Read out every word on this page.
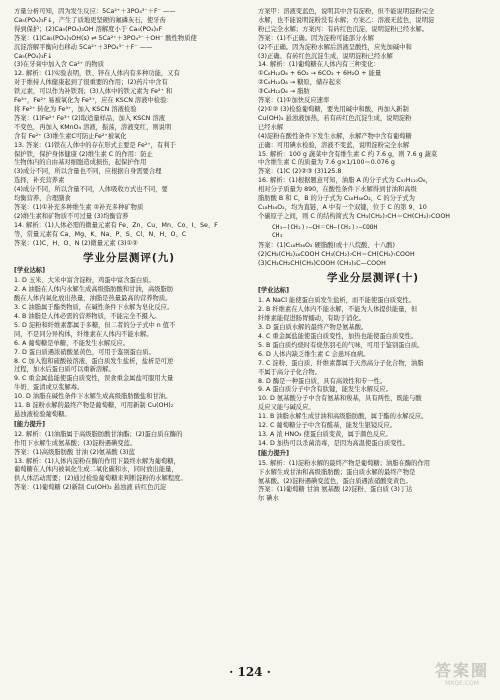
方量分析可知，因为发生反应：5Ca²⁺＋3PO₄³⁻＋F⁻ ——
Ca₅(PO₄)₃F↓，产生了质地更坚硬的氟磷灰石，使牙齿
得到保护；(2)Ca₅(PO₄)₃OH 溶解度小于 Ca₅(PO₄)₃F
答案：(1)Ca₅(PO₄)₃OH(s) ⇌ 5Ca²⁺＋3PO₄³⁻＋OH⁻ 酸性物质使
沉淀溶解平衡向右移动 5Ca²⁺＋3PO₄³⁻＋F⁻ ——
Ca₅(PO₄)₃F↓
(3)在牙膏中加入含 Ca²⁺ 的物质
12. 解析：(1)实验表明，铁、锌在人体内有多种功能，又有
对于维持人体健康起到了很重要的作用；(2)药片中含有
铁元素，可以作为补铁剂；(3)人体中的铁元素为 Fe²⁺ 和
Fe³⁺，Fe²⁺ 易被氧化为 Fe³⁺，应在 KSCN 溶液中检验：
将 Fe²⁺ 转化为 Fe³⁺，加入 KSCN 溶液检验
答案：(1)Fe²⁺ Fe³⁺ (2)取适量样品，加入 KSCN 溶液
不变色，再加入 KMnO₄ 溶液，振荡，溶液变红，则说明
含有 Fe²⁺ (3)维生素C可防止Fe²⁺被氧化
13. 答案：(1)铁在人体中的存在形式主要是 Fe²⁺，有利于
保护铁，保护身体健康 (2)维生素 C 的作用：防止
生物体内的自由基对细胞造成损伤，起保护作用
(3)成分不同，所以含量也不同，应根据自身需要合理
选择，补充营养素
(4)成分不同，所以含量不同，人体吸收方式也不同，要
均衡营养，合理膳食
答案：(1)①补充多种维生素 ②补充多种矿物质
(2)维生素和矿物质不可过量 (3)均衡营养
14. 解析：(1)人体必需的微量元素有 Fe、Zn、Cu、Mn、Co、I、Se、F
等，常量元素有 Ca、Mg、K、Na、P、S、Cl、N、H、O、C
答案：(1)C、H、O、N (2)微量元素 (3)①②
学业分层测评(九)
[学业达标]
1. D 玉米、大米中富含淀粉，鸡蛋中富含蛋白质。
2. A 油脂在人体内水解生成高级脂肪酸和甘油，高级脂肪
酸在人体内氧化放出热量，油脂是热量最高的营养物质。
3. C 油脂属于酯类物质，在碱性条件下水解为皂化反应。
4. B 油脂是人体必需的营养物质，不能完全不摄入。
5. D 淀粉和纤维素都属于多糖，但二者的分子式中 n 值不
同，不是同分异构体，纤维素在人体内不能水解。
6. A 葡萄糖是单糖，不能发生水解反应。
7. D 蛋白质遇浓硝酸显黄色，可用于鉴别蛋白质。
8. C 加入饱和硫酸铵溶液，蛋白质发生盐析，盐析是可逆
过程，加水后蛋白质可以重新溶解。
9. C 重金属盐能使蛋白质变性，误食重金属盐可服用大量
牛奶、蛋清或豆浆解毒。
10. D 油脂在碱性条件下水解生成高级脂肪酸盐和甘油。
11. B 淀粉水解的最终产物是葡萄糖，可用新制 Cu(OH)₂
悬浊液检验葡萄糖。
[能力提升]
12. 解析：(1)油脂属于高级脂肪酸甘油酯；(2)蛋白质在酶的
作用下水解生成氨基酸；(3)淀粉遇碘变蓝。
答案：(1)高级脂肪酸 甘油 (2)氨基酸 (3)蓝
13. 解析：(1)人体内淀粉在酶的作用下最终水解为葡萄糖，
葡萄糖在人体内被氧化生成二氧化碳和水，同时放出能量，
供人体活动需要；(2)通过检验葡萄糖来判断淀粉的水解程度。
答案：(1)葡萄糖 (2)新制 Cu(OH)₂ 悬浊液 砖红色沉淀
方案甲：溶液变蓝色，说明其中含有淀粉，但不能说明淀粉完全
水解，也不能说明淀粉没有水解；方案乙：溶液无蓝色，说明淀
粉已完全水解；方案丙：有砖红色沉淀，说明淀粉已经水解。
答案：(1)不正确。因为淀粉可能部分水解
(2)不正确。因为淀粉水解后溶液呈酸性，应先加碱中和
(3)正确。有砖红色沉淀生成，说明淀粉已经水解
14. 解析：(1)葡萄糖在人体内有三种变化：
①C₆H₁₂O₆ + 6O₂ → 6CO₂ + 6H₂O + 能量
②C₆H₁₂O₆ → 糖原，储存起来
③C₆H₁₂O₆ → 脂肪
答案：(1)①加快反应速率
(2)①② (3)检验葡萄糖，要先用碱中和酸，再加入新制
Cu(OH)₂ 悬浊液加热，若有砖红色沉淀生成，说明淀粉
已经水解
(4)淀粉在酸性条件下发生水解，水解产物中含有葡萄糖
正确：可用碘水检验，溶液不变蓝，说明淀粉完全水解
15. 解析：100 g 蔬菜中含有维生素 C 约 7.6 g，则 7.6 g 蔬菜
中含维生素 C 的质量为 7.6 g×1/100＝0.076 g
答案：(1)C (2)②③ (3)125.8
16. 解析：(1)根据题意可知，油脂 A 的分子式为 C₅₇H₁₁₀O₆，
相对分子质量为 890，在酸性条件下水解得到甘油和高级
脂肪酸 B 和 C，B 的分子式为 C₁₈H₃₆O₂，C 的分子式为
C₁₈H₃₄O₂，均为直链，A 中有一个双键，位于 C 的第 9、10
个碳原子之间，则 C 的结构简式为 CH₃(CH₂)₇CH＝CH(CH₂)₇COOH
CH₃—(CH₂)₇—CH＝CH—(CH₂)₇—COOH
CH₃
答案：(1)C₁₈H₃₆O₂ 硬脂酸(或十八烷酸、十八酸)
(2)CH₃(CH₂)₁₆COOH CH₃(CH₂)₇CH＝CH(CH₂)₇COOH
(3)CH₃CH₂CH(CH₃)COOH (CH₃)₃C—COOH
学业分层测评(十)
[学业达标]
1. A NaCl 能使蛋白质发生盐析，而不能使蛋白质变性。
2. B 纤维素在人体内不能水解，不能为人体提供能量，但
纤维素能促进肠胃蠕动，有助于消化。
3. D 蛋白质水解的最终产物是氨基酸。
4. C 重金属盐能使蛋白质变性，加热也能使蛋白质变性。
5. B 蛋白质灼烧时有烧焦羽毛的气味，可用于鉴别蛋白质。
6. D 人体内缺乏维生素 C 会患坏血病。
7. C 淀粉、蛋白质、纤维素都属于天然高分子化合物，油脂
不属于高分子化合物。
8. D 酶是一种蛋白质，具有高效性和专一性。
9. A 蛋白质分子中含有肽键，能发生水解反应。
10. D 氨基酸分子中含有氨基和羧基，具有两性，既能与酸
反应又能与碱反应。
11. B 油脂水解生成甘油和高级脂肪酸，属于酯的水解反应。
12. C 葡萄糖分子中含有醛基，能发生银镜反应。
13. A 浓 HNO₃ 使蛋白质变黄，属于颜色反应。
14. D 加热可以杀菌消毒，是因为高温使蛋白质变性。
[能力提升]
15. 解析：(1)淀粉水解的最终产物是葡萄糖；油脂在酶的作用
下水解生成甘油和高级脂肪酸；蛋白质水解的最终产物是
氨基酸。(2)淀粉遇碘变蓝色，蛋白质遇浓硝酸变黄色。
答案：(1)葡萄糖 甘油 氨基酸 (2)淀粉、蛋白质 (3)丁达
尔 碘水
· 124 ·	答案圈
MXQE.COM
